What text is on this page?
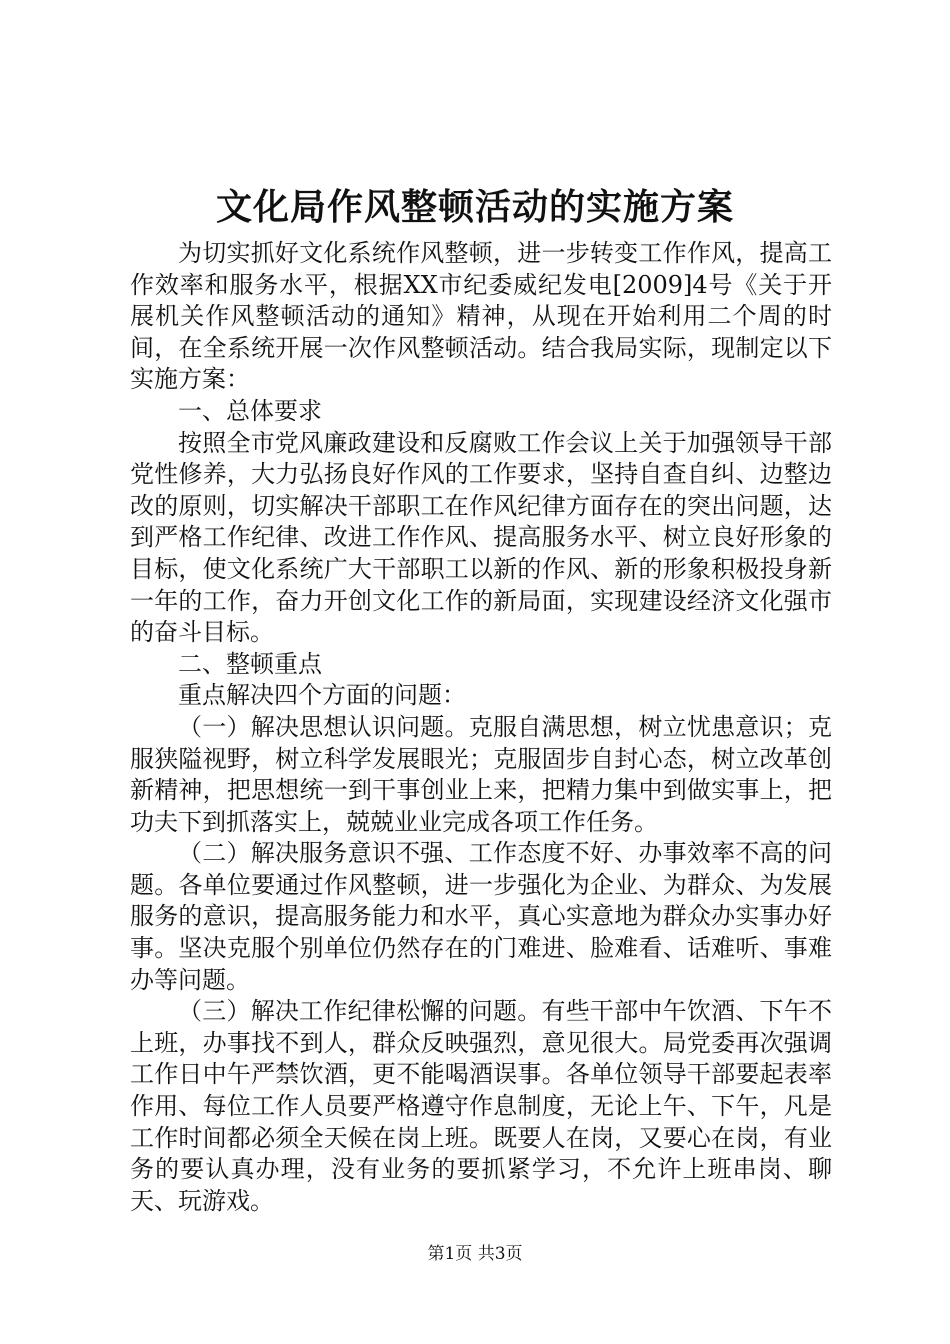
文化局作风整顿活动的实施方案

为切实抓好文化系统作风整顿，进一步转变工作作风，提高工作效率和服务水平，根据XX市纪委威纪发电[2009]4号《关于开展机关作风整顿活动的通知》精神，从现在开始利用二个周的时间，在全系统开展一次作风整顿活动。结合我局实际，现制定以下实施方案：

一、总体要求

按照全市党风廉政建设和反腐败工作会议上关于加强领导干部党性修养，大力弘扬良好作风的工作要求，坚持自查自纠、边整边改的原则，切实解决干部职工在作风纪律方面存在的突出问题，达到严格工作纪律、改进工作作风、提高服务水平、树立良好形象的目标，使文化系统广大干部职工以新的作风、新的形象积极投身新一年的工作，奋力开创文化工作的新局面，实现建设经济文化强市的奋斗目标。

二、整顿重点

重点解决四个方面的问题：

（一）解决思想认识问题。克服自满思想，树立忧患意识；克服狭隘视野，树立科学发展眼光；克服固步自封心态，树立改革创新精神，把思想统一到干事创业上来，把精力集中到做实事上，把功夫下到抓落实上，兢兢业业完成各项工作任务。

（二）解决服务意识不强、工作态度不好、办事效率不高的问题。各单位要通过作风整顿，进一步强化为企业、为群众、为发展服务的意识，提高服务能力和水平，真心实意地为群众办实事办好事。坚决克服个别单位仍然存在的门难进、脸难看、话难听、事难办等问题。

（三）解决工作纪律松懈的问题。有些干部中午饮酒、下午不上班，办事找不到人，群众反映强烈，意见很大。局党委再次强调工作日中午严禁饮酒，更不能喝酒误事。各单位领导干部要起表率作用、每位工作人员要严格遵守作息制度，无论上午、下午，凡是工作时间都必须全天候在岗上班。既要人在岗，又要心在岗，有业务的要认真办理，没有业务的要抓紧学习，不允许上班串岗、聊天、玩游戏。

第1页 共3页
